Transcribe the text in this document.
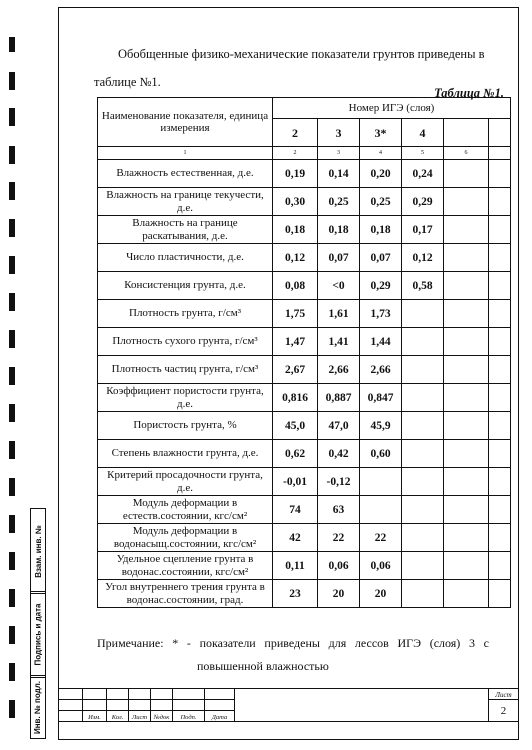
Взам. инв. №
Подпись и дата
Инв. № подл.

Обобщенные физико-механические показатели грунтов приведены в

таблице №1.

Таблица №1.
Наименование показателя, единица измерения	Номер ИГЭ (слоя)					
	2	3	3*	4		
1	2	3	4	5	6	
Влажность естественная, д.е.	0,19	0,14	0,20	0,24		
Влажность на границе текучести, д.е.	0,30	0,25	0,25	0,29		
Влажность на границе раскатывания, д.е.	0,18	0,18	0,18	0,17		
Число пластичности, д.е.	0,12	0,07	0,07	0,12		
Консистенция грунта, д.е.	0,08	<0	0,29	0,58		
Плотность грунта, г/см³	1,75	1,61	1,73			
Плотность сухого грунта, г/см³	1,47	1,41	1,44			
Плотность частиц грунта, г/см³	2,67	2,66	2,66			
Коэффициент пористости грунта, д.е.	0,816	0,887	0,847			
Пористость грунта, %	45,0	47,0	45,9			
Степень влажности грунта, д.е.	0,62	0,42	0,60			
Критерий просадочности грунта, д.е.	-0,01	-0,12				
Модуль деформации в естеств.состоянии, кгс/см²	74	63				
Модуль деформации в водонасыщ.состоянии, кгс/см²	42	22	22			
Удельное сцепление грунта в водонас.состоянии, кгс/см²	0,11	0,06	0,06			
Угол внутреннего трения грунта в водонас.состоянии, град.	23	20	20			
Примечание: * - показатели приведены для лессов ИГЭ (слоя) 3 с
повышенной влажностью
								Лист
								2
	Изм.	Кол.	Лист	№док	Подп.	Дата		
